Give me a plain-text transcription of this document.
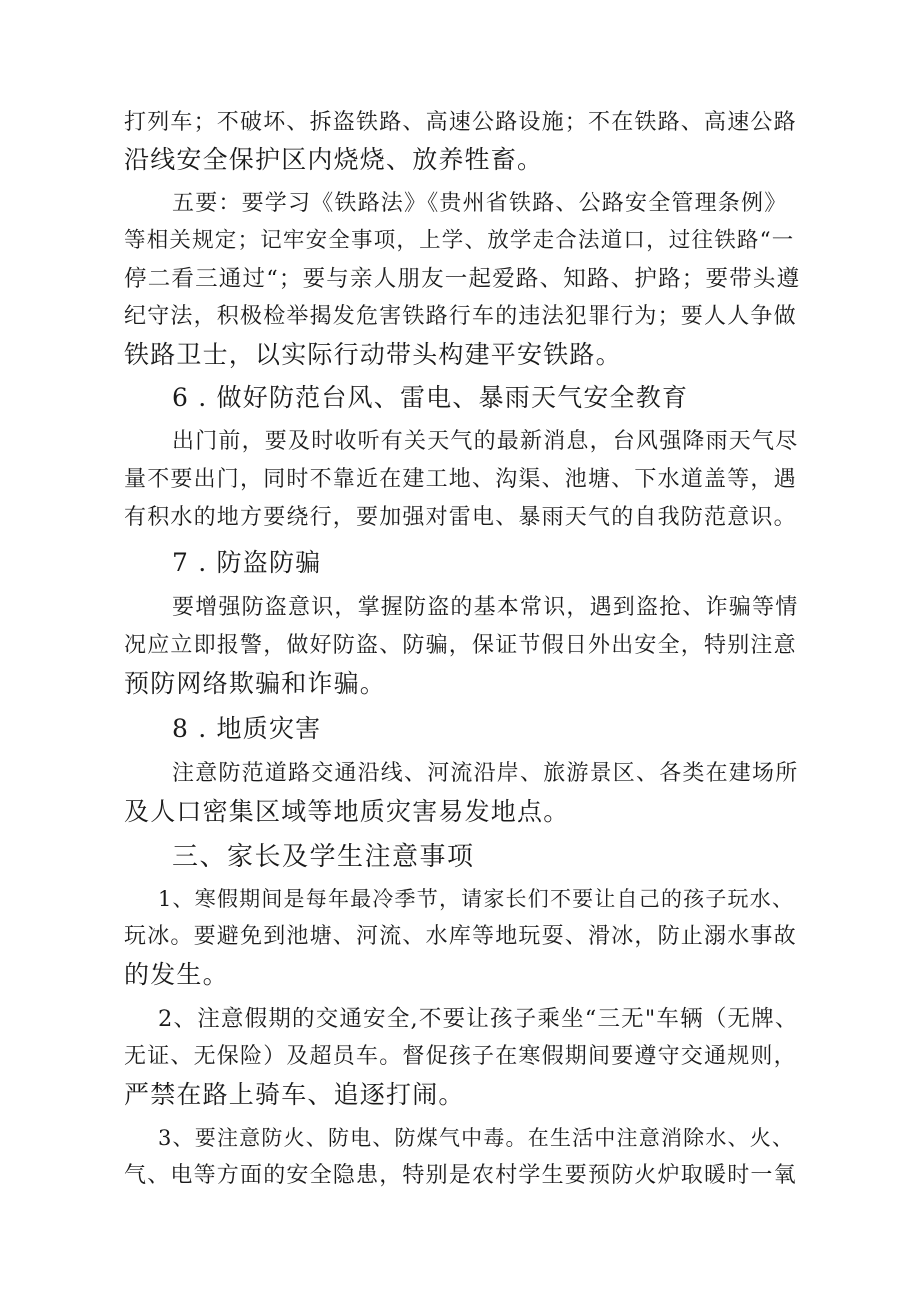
打列车；不破坏、拆盗铁路、高速公路设施；不在铁路、高速公路
沿线安全保护区内烧烧、放养牲畜。
五要：要学习《铁路法》《贵州省铁路、公路安全管理条例》
等相关规定；记牢安全事项，上学、放学走合法道口，过往铁路“一
停二看三通过“；要与亲人朋友一起爱路、知路、护路；要带头遵
纪守法，积极检举揭发危害铁路行车的违法犯罪行为；要人人争做
铁路卫士，以实际行动带头构建平安铁路。
6 . 做好防范台风、雷电、暴雨天气安全教育
出门前，要及时收听有关天气的最新消息，台风强降雨天气尽
量不要出门，同时不靠近在建工地、沟渠、池塘、下水道盖等，遇
有积水的地方要绕行，要加强对雷电、暴雨天气的自我防范意识。
7 . 防盗防骗
要增强防盗意识，掌握防盗的基本常识，遇到盗抢、诈骗等情
况应立即报警，做好防盗、防骗，保证节假日外出安全，特别注意
预防网络欺骗和诈骗。
8 . 地质灾害
注意防范道路交通沿线、河流沿岸、旅游景区、各类在建场所
及人口密集区域等地质灾害易发地点。
三、家长及学生注意事项
1、寒假期间是每年最冷季节，请家长们不要让自己的孩子玩水、
玩冰。要避免到池塘、河流、水库等地玩耍、滑冰，防止溺水事故
的发生。
2、注意假期的交通安全,不要让孩子乘坐“三无"车辆（无牌、
无证、无保险）及超员车。督促孩子在寒假期间要遵守交通规则，
严禁在路上骑车、追逐打闹。
3、要注意防火、防电、防煤气中毒。在生活中注意消除水、火、
气、电等方面的安全隐患，特别是农村学生要预防火炉取暖时一氧
